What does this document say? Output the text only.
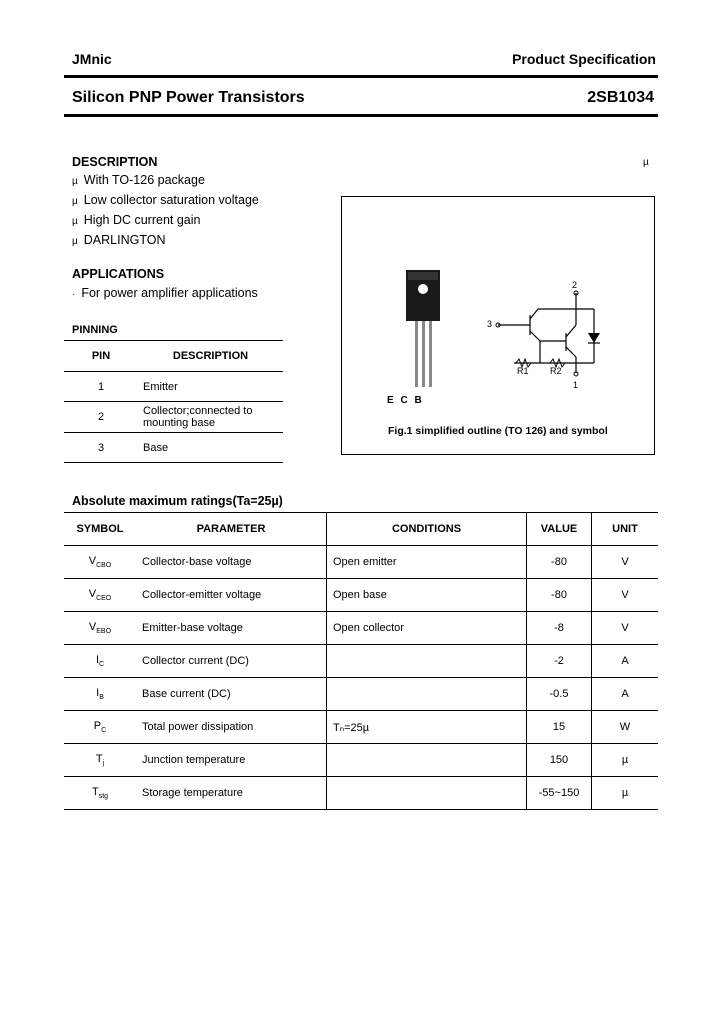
JMnic	Product Specification
Silicon PNP Power Transistors	2SB1034
DESCRIPTION	µ
µ With TO-126 package
µ Low collector saturation voltage
µ High DC current gain
µ DARLINGTON
APPLICATIONS
· For power amplifier applications
PINNING
PIN	DESCRIPTION
1	Emitter
2	Collector;connected to mounting base
3	Base
E C B
2
3
1
R1 R2
Fig.1 simplified outline (TO 126) and symbol
Absolute maximum ratings(Ta=25µ)
SYMBOL	PARAMETER	CONDITIONS	VALUE	UNIT
$V_{CBO}$	Collector-base voltage	Open emitter	-80	V
$V_{CEO}$	Collector-emitter voltage	Open base	-80	V
$V_{EBO}$	Emitter-base voltage	Open collector	-8	V
$I_C$	Collector current (DC)		-2	A
$I_B$	Base current (DC)		-0.5	A
$P_C$	Total power dissipation	Tₙ=25µ	15	W
$T_j$	Junction temperature		150	µ
$T_{stg}$	Storage temperature		-55~150	µ
